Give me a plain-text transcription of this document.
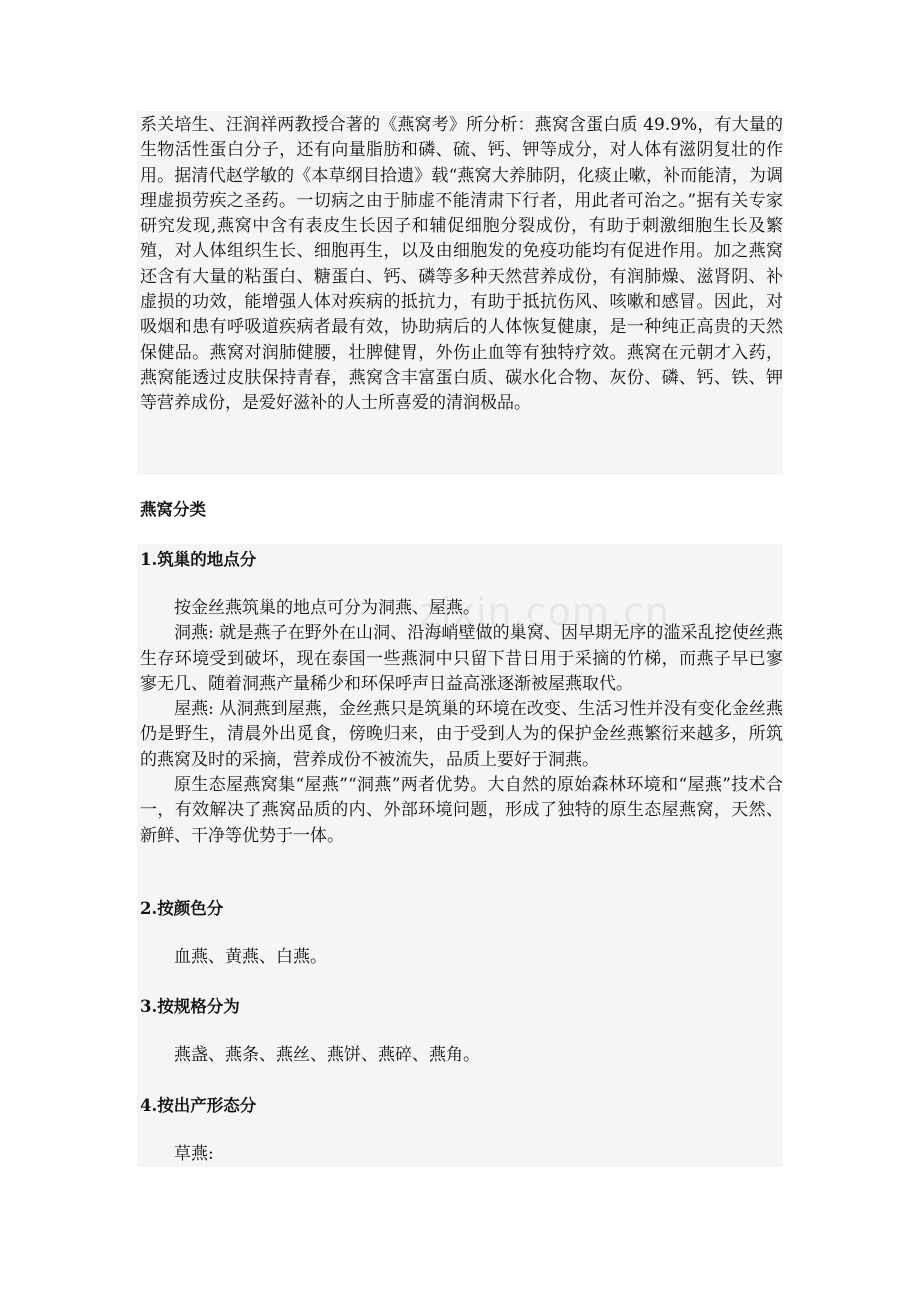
zixin.com.cn

系关培生、汪润祥两教授合著的《燕窝考》所分析：燕窝含蛋白质 49.9%，有大量的生物活性蛋白分子，还有向量脂肪和磷、硫、钙、钾等成分，对人体有滋阴复壮的作用。据清代赵学敏的《本草纲目拾遗》载“燕窝大养肺阴，化痰止嗽，补而能清，为调理虚损劳疾之圣药。一切病之由于肺虚不能清肃下行者，用此者可治之。”据有关专家研究发现,燕窝中含有表皮生长因子和辅促细胞分裂成份，有助于刺激细胞生长及繁殖，对人体组织生长、细胞再生，以及由细胞发的免疫功能均有促进作用。加之燕窝还含有大量的粘蛋白、糖蛋白、钙、磷等多种天然营养成份，有润肺燥、滋肾阴、补虚损的功效，能增强人体对疾病的抵抗力，有助于抵抗伤风、咳嗽和感冒。因此，对吸烟和患有呼吸道疾病者最有效，协助病后的人体恢复健康，是一种纯正高贵的天然保健品。燕窝对润肺健腰，壮脾健胃，外伤止血等有独特疗效。燕窝在元朝才入药，燕窝能透过皮肤保持青春，燕窝含丰富蛋白质、碳水化合物、灰份、磷、钙、铁、钾等营养成份，是爱好滋补的人士所喜爱的清润极品。

燕窝分类

1.筑巢的地点分

按金丝燕筑巢的地点可分为洞燕、屋燕。

洞燕: 就是燕子在野外在山洞、沿海峭壁做的巢窝、因早期无序的滥采乱挖使丝燕生存环境受到破坏，现在泰国一些燕洞中只留下昔日用于采摘的竹梯，而燕子早已寥寥无几、随着洞燕产量稀少和环保呼声日益高涨逐渐被屋燕取代。

屋燕: 从洞燕到屋燕，金丝燕只是筑巢的环境在改变、生活习性并没有变化金丝燕仍是野生，清晨外出觅食，傍晚归来，由于受到人为的保护金丝燕繁衍来越多，所筑的燕窝及时的采摘，营养成份不被流失，品质上要好于洞燕。

原生态屋燕窝集“屋燕”“洞燕”两者优势。大自然的原始森林环境和“屋燕”技术合一，有效解决了燕窝品质的内、外部环境问题，形成了独特的原生态屋燕窝，天然、新鲜、干净等优势于一体。

2.按颜色分

血燕、黄燕、白燕。

3.按规格分为

燕盏、燕条、燕丝、燕饼、燕碎、燕角。

4.按出产形态分

草燕:
